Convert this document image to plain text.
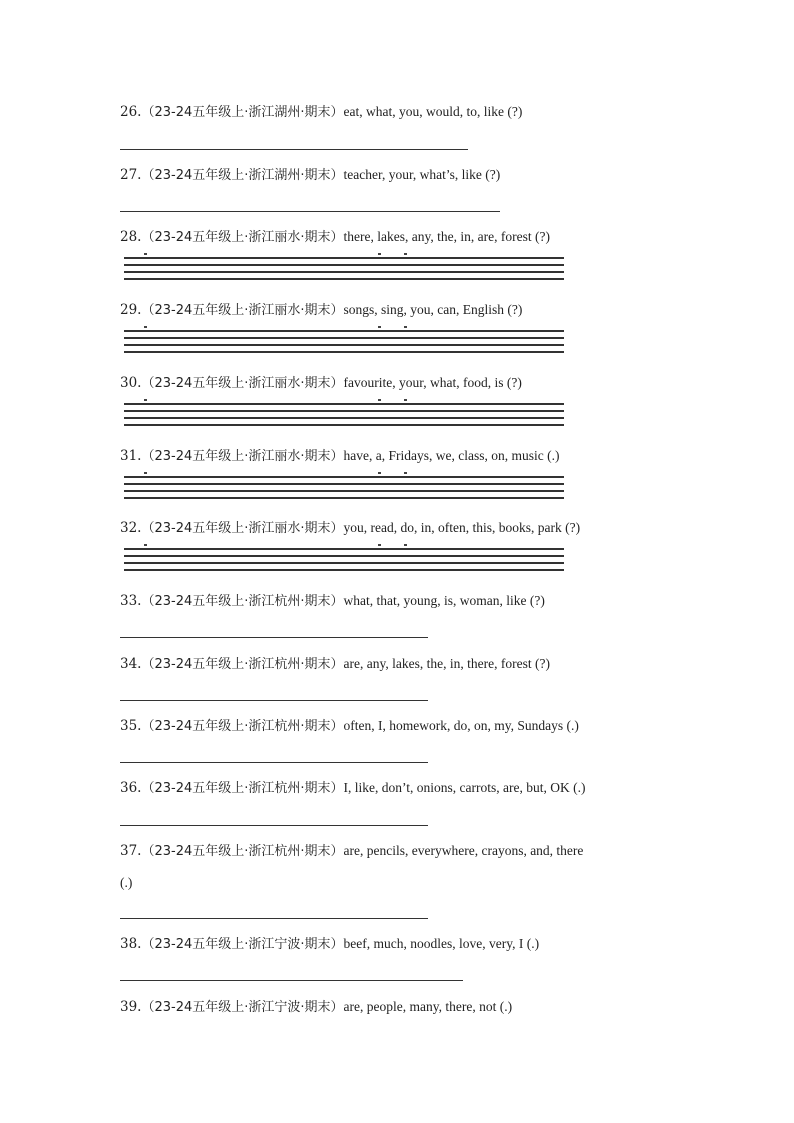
26.（23-24五年级上·浙江湖州·期末）eat, what, you, would, to, like (?)
27.（23-24五年级上·浙江湖州·期末）teacher, your, what’s, like (?)
28.（23-24五年级上·浙江丽水·期末）there, lakes, any, the, in, are, forest (?)
29.（23-24五年级上·浙江丽水·期末）songs, sing, you, can, English (?)
30.（23-24五年级上·浙江丽水·期末）favourite, your, what, food, is (?)
31.（23-24五年级上·浙江丽水·期末）have, a, Fridays, we, class, on, music (.)
32.（23-24五年级上·浙江丽水·期末）you, read, do, in, often, this, books, park (?)
33.（23-24五年级上·浙江杭州·期末）what, that, young, is, woman, like (?)
34.（23-24五年级上·浙江杭州·期末）are, any, lakes, the, in, there, forest (?)
35.（23-24五年级上·浙江杭州·期末）often, I, homework, do, on, my, Sundays (.)
36.（23-24五年级上·浙江杭州·期末）I, like, don’t, onions, carrots, are, but, OK (.)
37.（23-24五年级上·浙江杭州·期末）are, pencils, everywhere, crayons, and, there
(.)
38.（23-24五年级上·浙江宁波·期末）beef, much, noodles, love, very, I (.)
39.（23-24五年级上·浙江宁波·期末）are, people, many, there, not (.)
